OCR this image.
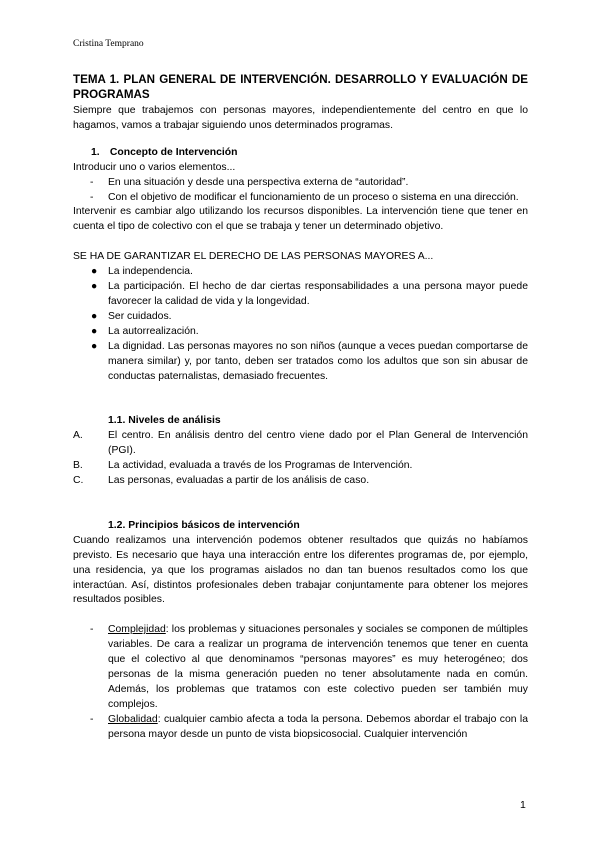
Cristina Temprano

TEMA 1. PLAN GENERAL DE INTERVENCIÓN. DESARROLLO Y EVALUACIÓN DE PROGRAMAS

Siempre que trabajemos con personas mayores, independientemente del centro en que lo hagamos, vamos a trabajar siguiendo unos determinados programas.

1. Concepto de Intervención

Introducir uno o varios elementos...

- En una situación y desde una perspectiva externa de “autoridad”.
- Con el objetivo de modificar el funcionamiento de un proceso o sistema en una dirección.

Intervenir es cambiar algo utilizando los recursos disponibles. La intervención tiene que tener en cuenta el tipo de colectivo con el que se trabaja y tener un determinado objetivo.

SE HA DE GARANTIZAR EL DERECHO DE LAS PERSONAS MAYORES A...

● La independencia.
● La participación. El hecho de dar ciertas responsabilidades a una persona mayor puede favorecer la calidad de vida y la longevidad.
● Ser cuidados.
● La autorrealización.
● La dignidad. Las personas mayores no son niños (aunque a veces puedan comportarse de manera similar) y, por tanto, deben ser tratados como los adultos que son sin abusar de conductas paternalistas, demasiado frecuentes.
1.1. Niveles de análisis
A. El centro. En análisis dentro del centro viene dado por el Plan General de Intervención (PGI).
B. La actividad, evaluada a través de los Programas de Intervención.
C. Las personas, evaluadas a partir de los análisis de caso.
1.2. Principios básicos de intervención

Cuando realizamos una intervención podemos obtener resultados que quizás no habíamos previsto. Es necesario que haya una interacción entre los diferentes programas de, por ejemplo, una residencia, ya que los programas aislados no dan tan buenos resultados como los que interactúan. Así, distintos profesionales deben trabajar conjuntamente para obtener los mejores resultados posibles.

- Complejidad: los problemas y situaciones personales y sociales se componen de múltiples variables. De cara a realizar un programa de intervención tenemos que tener en cuenta que el colectivo al que denominamos “personas mayores” es muy heterogéneo; dos personas de la misma generación pueden no tener absolutamente nada en común. Además, los problemas que tratamos con este colectivo pueden ser también muy complejos.
- Globalidad: cualquier cambio afecta a toda la persona. Debemos abordar el trabajo con la persona mayor desde un punto de vista biopsicosocial. Cualquier intervención
1
